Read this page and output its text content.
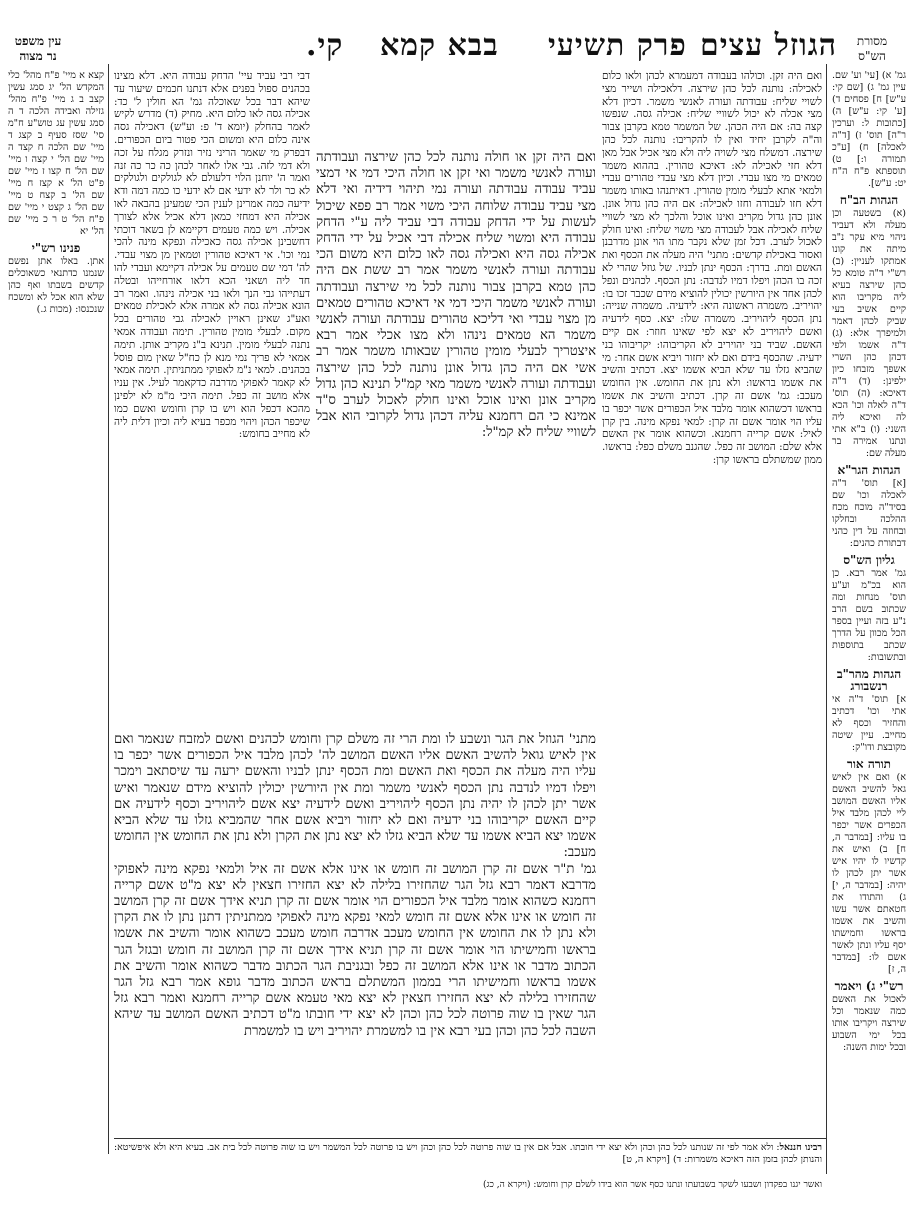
קי. בבא קמא פרק תשיעי הגוזל עצים	מסורת
הש"ס
עין משפט
נר מצוה
גמ' א) [עי' וע' שם. עיין גמ' ג) [שם קי: ע"ש] ח] פסחים ד) [ע' קי: ע"ש] ה) [כתובות ל: וערכין ר"ה] תוס' ז) [ד"ה לאכלה] ח) [ע"כ תמורה ו:] ט) תוספתא פ"ח ה"ח יט: ע"ש].
הגהות הב"ח
(א) בשטעה וכן מעלה ולא דעביד ניהוי מיא עקר נ"ב מיתה את קונו אמתקו לעניין: (ב) רש"י ד"ה טומא כל כהן שירצה בעיא ליה מקריבו הוא קיים אשיב בעי שביק לכהן דאמר ולמיפרך אלא: (ג) ד"ה אשמו ולפי דכהן כהן השרי אשפך מזבחו כיון ילפינן: (ד) ד"ה דאיכא: (ה) תוס' ד"ה לאלה וכו' הכא לה ואיכא ליה השני: (ו) ב"א אתי ונתנו אמירה בר מעלה שם:
הגהות הגר"א
[א] תוס' ד"ה לאכלה וכו' שם בסיד"ה מוכח מכח ההלכה ובחלקו ובחוזה על דין כהני דבתורת כהנים:
גליון הש"ס
גמ' אמר רבא. כן הוא בכ"מ וע"ע תוס' מנחות ומה שכתוב בשם הרב נ"ע בזה ועיין בספר הכל מכוון על הדרך שכתב בתוספות ובתשובות:
הגהות מהר"ב רנשבורג
א] תוס' ד"ה אי אתי וכו' דכתיב והחזיר וכסף לא מחייב. עיין שיטה מקובצת ודו"ק:
תורה אור
א) ואם אין לאיש גאל להשיב האשם אליו האשם המושב ליי לכהן מלבד איל הכפרים אשר יכפר בו עליו: [במדבר ה, ח] ב) ואיש את קדשיו לו יהיו איש אשר יתן לכהן לו יהיה: [במדבר ה, י] ג) והתודו את חטאתם אשר עשו והשיב את אשמו בראשו וחמישתו יסף עליו ונתן לאשר אשם לו: [במדבר ה, ז]
רש"י ג) ויאמר
לאכול את האשם כמה שנאמר וכל שירצה ויקריבו אותו בכל ימי השבוע ובכל ימות השנה:
קצא א מיי' פ"ח מהל' כלי המקדש הל' יג סמג עשין קצב ב ג מיי' פ"ח מהל' גזילה ואבידה הלכה ד ה סמג עשין עג טוש"ע ח"מ סי' שסז סעיף ב קצג ד מיי' שם הלכה ח קצד ה מיי' שם הל' י קצה ו מיי' שם הל' ח קצו ז מיי' שם פ"ט הל' א קצז ח מיי' שם הל' ב קצח ט מיי' שם הל' ג קצט י מיי' שם פ"ח הל' ט ר כ מיי' שם הל' יא
פנינו רש"י
אתן. באלו אתן נפשם שנמנו כדתנאי כשאוכלים קדשים בשבתו ואף כהן שלא הוא אכל לא ומשכח שנכנסו: (מכות ג.)

דבי רבי עביד עיי' הדחק עבודה היא. דלא מצינו בכהנים ספול בפנים אלא דנתנו חכמים שיעור עד שיהא דבר בכל שאוכלה גמ' הא חולין ל' כד: אכילה גסה לאו כלום היא. מחיק (ד) מדרש לקיש לאמר בהחלק (יומא ד' פ: וע"ש) דאכילה גסה אינה כלום היא ומשום הכי פטור ביום הכפורים. דבפרק מי שאמר הריני נזיר ונזרק מגלח על זכה ולא דמי לזה. גבי אלו לאחר לכהן כה כר כה זנה ואמר ה' יוחנן הלוי דלעולם לא לגולקים ולגולקים לא כר ולר לא ידעי אם לא ידעי כו כמה דמה ודא ידיעה כמה אמרינן לענין הכי שמעינן בהבאה לאו אכילה היא דמחזי כמאן דלא אכיל אלא לצורך אכילה. ויש כמה טעמים דקיימא לן בשאר דוכתי דחשבינן אכילה גסה כאכילה ונפקא מינה להכי נמי וכו'. אי דאיכא טהורין וטמאין מן מצוי עבדי. לה' דמי שם טעמים על אכילה דקיימא ועבדי להו חד ליה ושאני הכא דלאו אורחייהו ובטלה דעתייהו גבי הנך ולאו בני אכילה נינהו. ואמר רב הונא אכילה גסה לא אמרה אלא לאכילת טמאים ואע"ג שאינן ראויין לאכילה גבי טהורים בכל מקום. לבעלי מומין טהורין. תימה ועבודה אמאי נתנה לבעלי מומין. תנינא ב"נ מקריב אותן. תימה אמאי לא פריך נמי מנא לן כח"ל שאין מום פוסל בכהנים. למאי נ"מ לאפוקי ממתניתין. תימה אמאי לא קאמר לאפוקי מדרבה כדקאמר לעיל. אין עניו אלא מושב זה כפל. תימה היכי מ"מ לא ילפינן מהכא דכפל הוא ויש בו קרן וחומש ואשם כמו שיכפר הכהן ויהוי מכפר בעיא ליה וכיון דלית ליה לא מחייב בחומש:

ואם היה זקן. וכולהו בעבודה דמעמרא לכהן ולאו כלום לאכילה: נותנה לכל כהן שירצה. דלאכילה ושייר מצי לשויי שליח: עבודתה ועורה לאנשי משמר. דכיון דלא מצי אכלה לא יכול לשוויי שליח: אכילה גסה. שנפשו קצה בה: אם היה הכהן. של המשמר טמא בקרבן צבור וה"ה לקרבן יחיד ואין לו להקריבו: נותנה לכל כהן שירצה. דמשלח מצי לשויה ליה ולא מצי אכיל אבל מאן דלא חזי לאכילה לא: דאיכא טהורין. בההוא משמר טמאים מי מצו עבדי. וכיון דלא מצי עבדי טהורים עבדי ולמאי אתא לבעלי מומין טהורין. דאיתנהו באותו משמר דלא חזו לעבודה וחזו לאכילה: אם היה כהן גדול אונן. אונן כהן גדול מקריב ואינו אוכל והלכך לא מצי לשוויי שליח לאכילה אבל לעבודה מצי משוי שליח: ואינו חולק לאכול לערב. דכל זמן שלא נקבר מתו הוי אונן מדרבנן ואסור באכילת קדשים: מתני' היה מעלה את הכסף ואת האשם ומת. בדרך: הכסף ינתן לבניו. של גוזל שהרי לא זכה בו הכהן ויפלו דמיו לנדבה: נתן הכסף. לכהנים ונפל לכהן אחד אין היורשין יכולין להוציא מידם שכבר זכו בו: יהויריב. משמרה ראשונה היא: לידעיה. משמרה שנייה: נתן הכסף ליהויריב. משמרה שלו: יצא. כסף לידעיה ואשם ליהויריב לא יצא לפי שאינו חוזר: אם קיים האשם. שביד בני יהויריב לא הקריבוהו: יקריבוהו בני ידעיה. שהכסף בידם ואם לא יחזור ויביא אשם אחר: מי שהביא גזלו עד שלא הביא אשמו יצא. דכתיב והשיב את אשמו בראשו: ולא נתן את החומש. אין החומש מעכב: גמ' אשם זה קרן. דכתיב והשיב את אשמו בראשו דכשהוא אומר מלבד איל הכפורים אשר יכפר בו עליו הוי אומר אשם זה קרן: למאי נפקא מינה. בין קרן לאיל: אשם קרייה רחמנא. וכשהוא אומר אין האשם אלא שלם: המושב זה כפל. שהגנב משלם כפל: בראשו. ממון שמשתלם בראשו קרן:

ואם היה זקן או חולה נותנה לכל כהן שירצה ועבודתה ועורה לאנשי משמר ואי זקן או חולה היכי דמי אי דמצי עביד עבודה עבודתה ועורה נמי תיהוי דידיה ואי דלא מצי עביד עבודה שלוחה היכי משוי אמר רב פפא שיכול לעשות על ידי הדחק עבודה דבי עביד ליה ע"י הדחק עבודה היא ומשוי שליח אכילה דבי אכיל על ידי הדחק אכילה גסה היא ואכילה גסה לאו כלום היא משום הכי עבודתה ועורה לאנשי משמר אמר רב ששת אם היה כהן טמא בקרבן צבור נותנה לכל מי שירצה ועבודתה ועורה לאנשי משמר היכי דמי אי דאיכא טהורים טמאים מן מצוי עבדי ואי דליכא טהורים עבודתה ועורה לאנשי משמר הא טמאים נינהו ולא מצו אכלי אמר רבא איצטריך לבעלי מומין טהורין שבאותו משמר אמר רב אשי אם היה כהן גדול אונן נותנה לכל כהן שירצה ועבודתה ועורה לאנשי משמר מאי קמ"ל תנינא כהן גדול מקריב אונן ואינו אוכל ואינו חולק לאכול לערב ס"ד אמינא כי הם רחמנא עליה דכהן גדול לקרובי הוא אבל לשוויי שליח לא קמ"ל:

מתני' הגוזל את הגר ונשבע לו ומת הרי זה משלם קרן וחומש לכהנים ואשם למזבח שנאמר ואם אין לאיש גואל להשיב האשם אליו האשם המושב לה' לכהן מלבד איל הכפורים אשר יכפר בו עליו היה מעלה את הכסף ואת האשם ומת הכסף ינתן לבניו והאשם ירעה עד שיסתאב וימכר ויפלו דמיו לנדבה נתן הכסף לאנשי משמר ומת אין היורשין יכולין להוציא מידם שנאמר ואיש אשר יתן לכהן לו יהיה נתן הכסף ליהויריב ואשם לידעיה יצא אשם ליהויריב וכסף לידעיה אם קיים האשם יקריבוהו בני ידעיה ואם לא יחזור ויביא אשם אחר שהמביא גזלו עד שלא הביא אשמו יצא הביא אשמו עד שלא הביא גזלו לא יצא נתן את הקרן ולא נתן את החומש אין החומש מעכב:

גמ' ת"ר אשם זה קרן המושב זה חומש או אינו אלא אשם זה איל ולמאי נפקא מינה לאפוקי מדרבא דאמר רבא גזל הגר שהחזירו בלילה לא יצא החזירו חצאין לא יצא מ"ט אשם קרייה רחמנא כשהוא אומר מלבד איל הכפורים הוי אומר אשם זה קרן תניא אידך אשם זה קרן המושב זה חומש או אינו אלא אשם זה חומש למאי נפקא מינה לאפוקי ממתניתין דתנן נתן לו את הקרן ולא נתן לו את החומש אין החומש מעכב אדרבה חומש מעכב כשהוא אומר והשיב את אשמו בראשו וחמישיתו הוי אומר אשם זה קרן תניא אידך אשם זה קרן המושב זה חומש ובגזל הגר הכתוב מדבר או אינו אלא המושב זה כפל ובגניבת הגר הכתוב מדבר כשהוא אומר והשיב את אשמו בראשו וחמישיתו הרי בממון המשתלם בראש הכתוב מדבר גופא אמר רבא גזל הגר שהחזירו בלילה לא יצא החזירו חצאין לא יצא מאי טעמא אשם קרייה רחמנא ואמר רבא גזל הגר שאין בו שוה פרוטה לכל כהן וכהן לא יצא ידי חובתו מ"ט דכתיב האשם המושב עד שיהא השבה לכל כהן וכהן בעי רבא אין בו למשמרת יהויריב ויש בו למשמרת

רבינו חננאל: ולא אמר לפי זה שנותנו לכל כהן וכהן ולא יצא ידי חובתו. אבל אם אין בו שוה פרוטה לכל כהן וכהן ויש בו פרוטה לכל המשמר ויש בו שוה פרוטה לכל בית אב. בעיא היא ולא איפשיטא: והנותן לכהן בזמן הזה דאיכא משמרות: ד) [ויקרא ה, ט]
ואשר יגנו בפקדון ושבעו לשקר בשבועתו ונתנו כסף אשר הוא בידו לשלם קרן וחומש: (ויקרא ה, כג)
